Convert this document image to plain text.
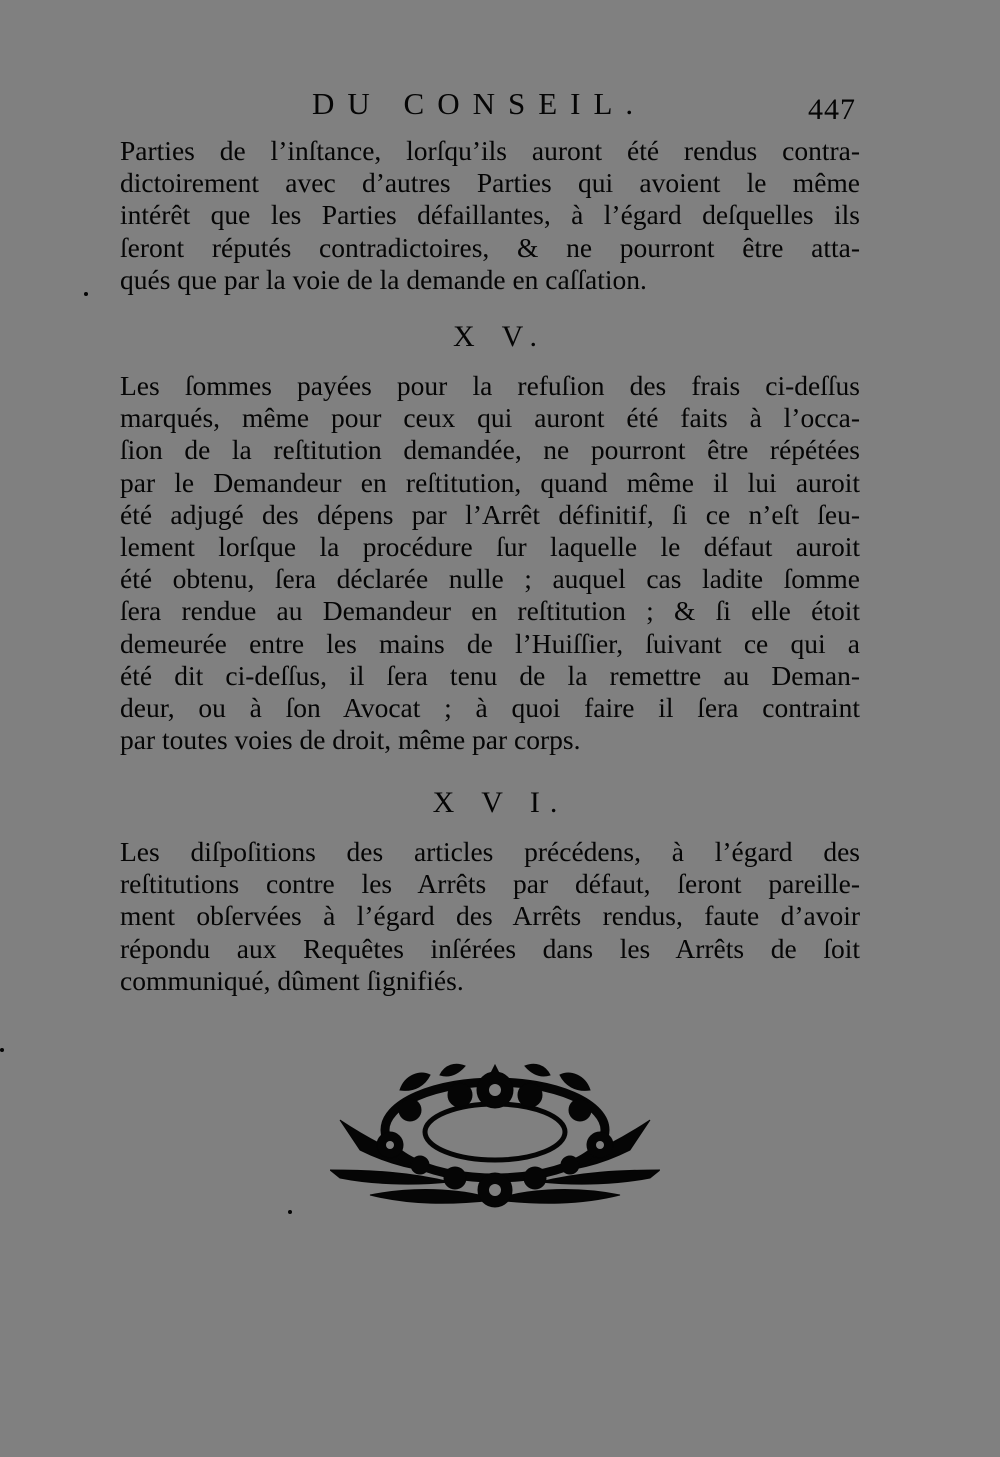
DU CONSEIL.	447
Parties de l’inſtance, lorſqu’ils auront été rendus contra-
dictoirement avec d’autres Parties qui avoient le même
intérêt que les Parties défaillantes, à l’égard deſquelles ils
ſeront réputés contradictoires, & ne pourront être atta-
qués que par la voie de la demande en caſſation.
X V.
Les ſommes payées pour la refuſion des frais ci-deſſus
marqués, même pour ceux qui auront été faits à l’occa-
ſion de la reſtitution demandée, ne pourront être répétées
par le Demandeur en reſtitution, quand même il lui auroit
été adjugé des dépens par l’Arrêt définitif, ſi ce n’eſt ſeu-
lement lorſque la procédure ſur laquelle le défaut auroit
été obtenu, ſera déclarée nulle ; auquel cas ladite ſomme
ſera rendue au Demandeur en reſtitution ; & ſi elle étoit
demeurée entre les mains de l’Huiſſier, ſuivant ce qui a
été dit ci-deſſus, il ſera tenu de la remettre au Deman-
deur, ou à ſon Avocat ; à quoi faire il ſera contraint
par toutes voies de droit, même par corps.
X V I.
Les diſpoſitions des articles précédens, à l’égard des
reſtitutions contre les Arrêts par défaut, ſeront pareille-
ment obſervées à l’égard des Arrêts rendus, faute d’avoir
répondu aux Requêtes inſérées dans les Arrêts de ſoit
communiqué, dûment ſignifiés.
